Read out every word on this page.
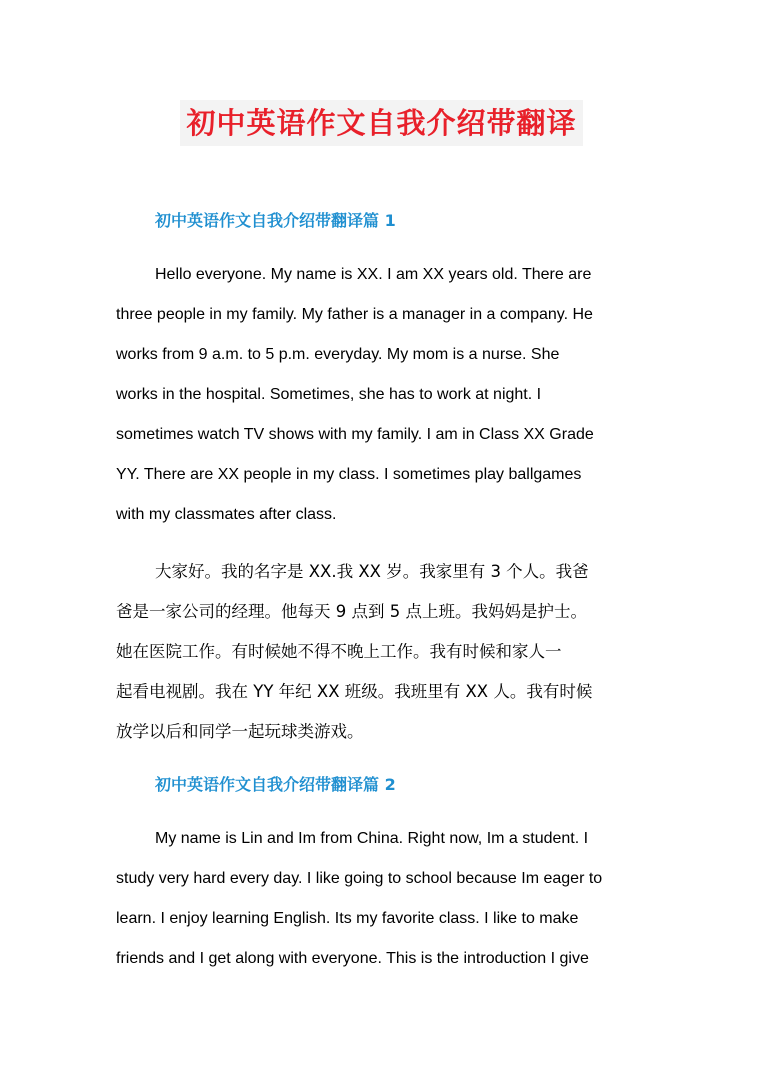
初中英语作文自我介绍带翻译
初中英语作文自我介绍带翻译篇 1
Hello everyone. My name is XX. I am XX years old. There are
three people in my family. My father is a manager in a company. He
works from 9 a.m. to 5 p.m. everyday. My mom is a nurse. She
works in the hospital. Sometimes, she has to work at night. I
sometimes watch TV shows with my family. I am in Class XX Grade
YY. There are XX people in my class. I sometimes play ballgames
with my classmates after class.
大家好。我的名字是 XX.我 XX 岁。我家里有 3 个人。我爸
爸是一家公司的经理。他每天 9 点到 5 点上班。我妈妈是护士。
她在医院工作。有时候她不得不晚上工作。我有时候和家人一
起看电视剧。我在 YY 年纪 XX 班级。我班里有 XX 人。我有时候
放学以后和同学一起玩球类游戏。
初中英语作文自我介绍带翻译篇 2
My name is Lin and Im from China. Right now, Im a student. I
study very hard every day. I like going to school because Im eager to
learn. I enjoy learning English. Its my favorite class. I like to make
friends and I get along with everyone. This is the introduction I give
